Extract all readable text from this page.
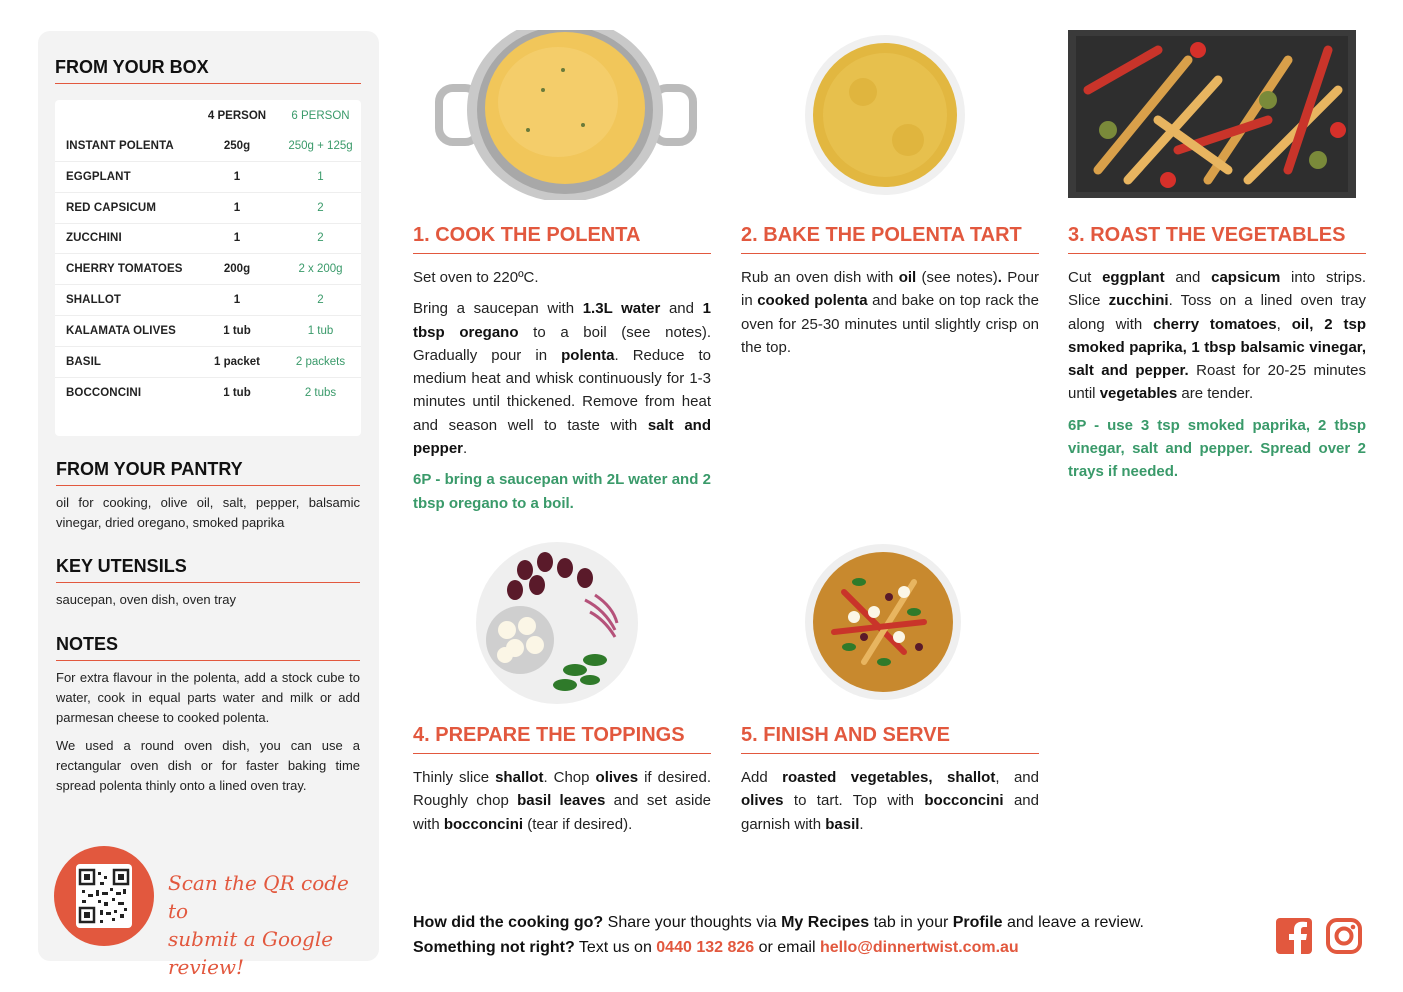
FROM YOUR BOX
4 PERSON	6 PERSON
INSTANT POLENTA	250g	250g + 125g
EGGPLANT	1	1
RED CAPSICUM	1	2
ZUCCHINI	1	2
CHERRY TOMATOES	200g	2 x 200g
SHALLOT	1	2
KALAMATA OLIVES	1 tub	1 tub
BASIL	1 packet	2 packets
BOCCONCINI	1 tub	2 tubs
FROM YOUR PANTRY
oil for cooking, olive oil, salt, pepper, balsamic vinegar, dried oregano, smoked paprika
KEY UTENSILS
saucepan, oven dish, oven tray
NOTES
For extra flavour in the polenta, add a stock cube to water, cook in equal parts water and milk or add parmesan cheese to cooked polenta.
We used a round oven dish, you can use a rectangular oven dish or for faster baking time spread polenta thinly onto a lined oven tray.
Scan the QR code to
submit a Google review!
1. COOK THE POLENTA

Set oven to 220ºC.

Bring a saucepan with 1.3L water and 1 tbsp oregano to a boil (see notes). Gradually pour in polenta. Reduce to medium heat and whisk continuously for 1-3 minutes until thickened. Remove from heat and season well to taste with salt and pepper.

6P - bring a saucepan with 2L water and 2 tbsp oregano to a boil.

2. BAKE THE POLENTA TART

Rub an oven dish with oil (see notes). Pour in cooked polenta and bake on top rack the oven for 25-30 minutes until slightly crisp on the top.

3. ROAST THE VEGETABLES

Cut eggplant and capsicum into strips. Slice zucchini. Toss on a lined oven tray along with cherry tomatoes, oil, 2 tsp smoked paprika, 1 tbsp balsamic vinegar, salt and pepper. Roast for 20-25 minutes until vegetables are tender.

6P - use 3 tsp smoked paprika, 2 tbsp vinegar, salt and pepper. Spread over 2 trays if needed.

4. PREPARE THE TOPPINGS

Thinly slice shallot. Chop olives if desired. Roughly chop basil leaves and set aside with bocconcini (tear if desired).

5. FINISH AND SERVE

Add roasted vegetables, shallot, and olives to tart. Top with bocconcini and garnish with basil.

How did the cooking go? Share your thoughts via My Recipes tab in your Profile and leave a review.
Something not right? Text us on 0440 132 826 or email hello@dinnertwist.com.au
